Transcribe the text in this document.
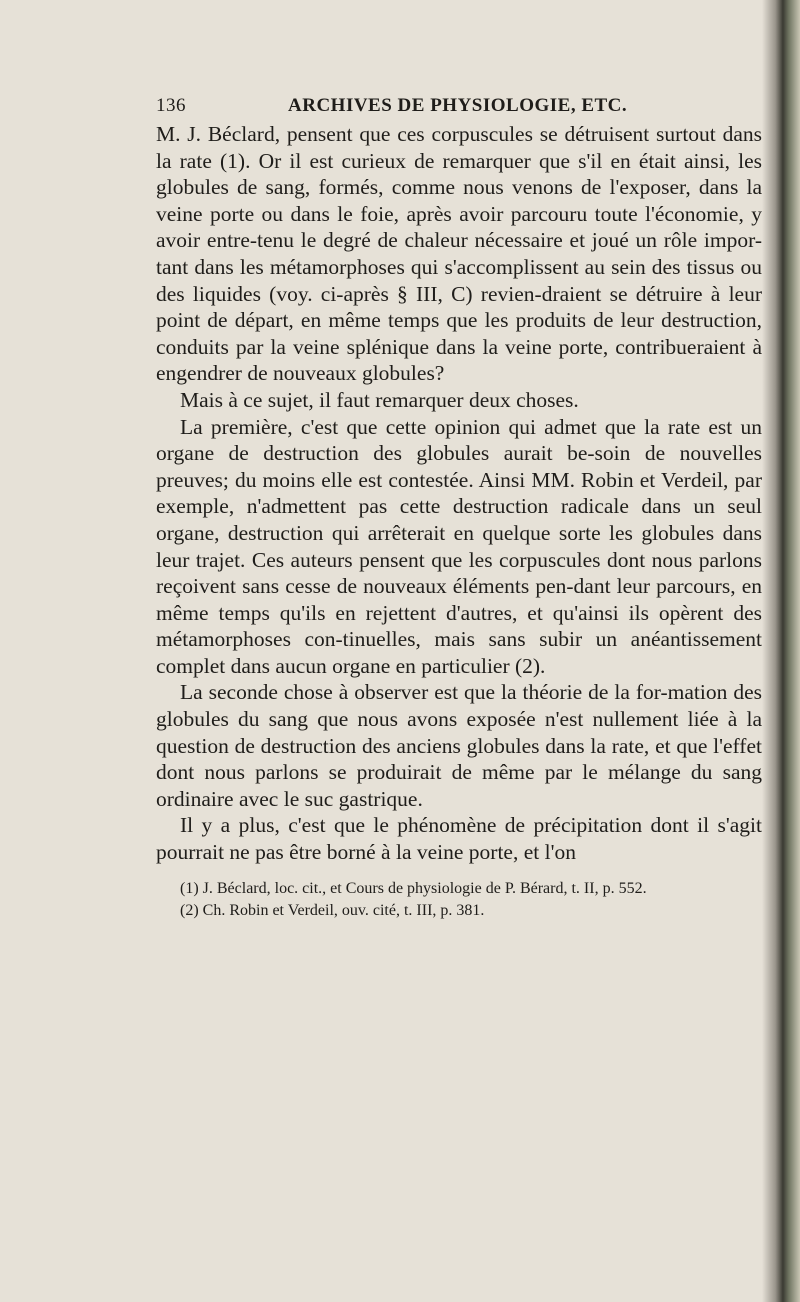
136	ARCHIVES DE PHYSIOLOGIE, ETC.

M. J. Béclard, pensent que ces corpuscules se détruisent surtout dans la rate (1). Or il est curieux de remarquer que s'il en était ainsi, les globules de sang, formés, comme nous venons de l'exposer, dans la veine porte ou dans le foie, après avoir parcouru toute l'économie, y avoir entre-tenu le degré de chaleur nécessaire et joué un rôle impor-tant dans les métamorphoses qui s'accomplissent au sein des tissus ou des liquides (voy. ci-après § III, C) revien-draient se détruire à leur point de départ, en même temps que les produits de leur destruction, conduits par la veine splénique dans la veine porte, contribueraient à engendrer de nouveaux globules?

Mais à ce sujet, il faut remarquer deux choses.

La première, c'est que cette opinion qui admet que la rate est un organe de destruction des globules aurait be-soin de nouvelles preuves; du moins elle est contestée. Ainsi MM. Robin et Verdeil, par exemple, n'admettent pas cette destruction radicale dans un seul organe, destruction qui arrêterait en quelque sorte les globules dans leur trajet. Ces auteurs pensent que les corpuscules dont nous parlons reçoivent sans cesse de nouveaux éléments pen-dant leur parcours, en même temps qu'ils en rejettent d'autres, et qu'ainsi ils opèrent des métamorphoses con-tinuelles, mais sans subir un anéantissement complet dans aucun organe en particulier (2).

La seconde chose à observer est que la théorie de la for-mation des globules du sang que nous avons exposée n'est nullement liée à la question de destruction des anciens globules dans la rate, et que l'effet dont nous parlons se produirait de même par le mélange du sang ordinaire avec le suc gastrique.

Il y a plus, c'est que le phénomène de précipitation dont il s'agit pourrait ne pas être borné à la veine porte, et l'on

(1) J. Béclard, loc. cit., et Cours de physiologie de P. Bérard, t. II, p. 552.

(2) Ch. Robin et Verdeil, ouv. cité, t. III, p. 381.
